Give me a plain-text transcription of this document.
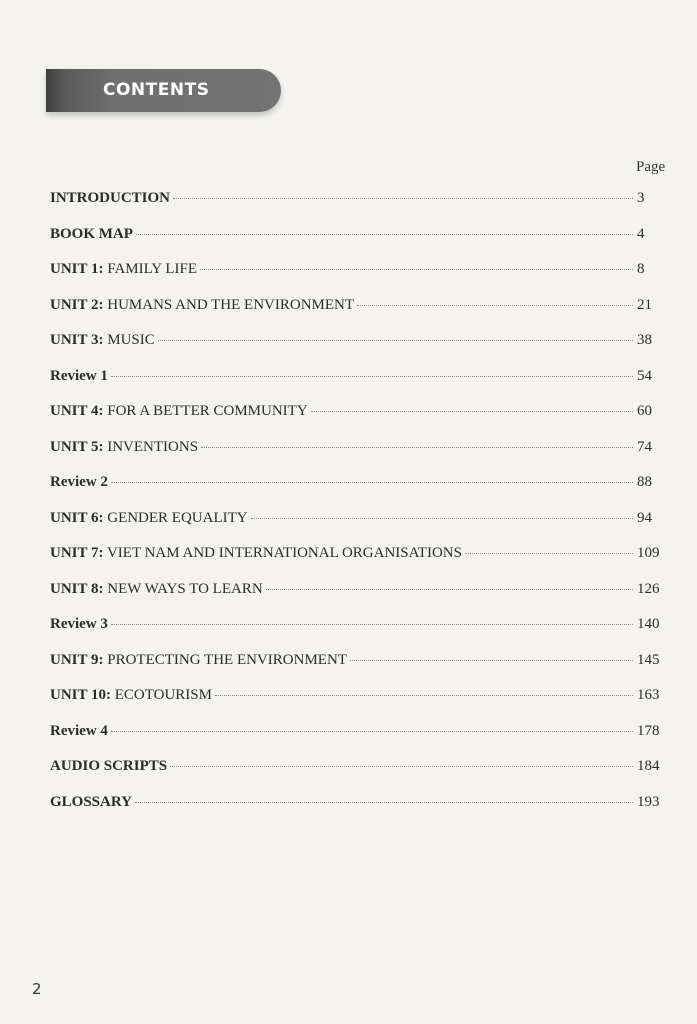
CONTENTS
Page
INTRODUCTION	3
BOOK MAP	4
UNIT 1: FAMILY LIFE	8
UNIT 2: HUMANS AND THE ENVIRONMENT	21
UNIT 3: MUSIC	38
Review 1	54
UNIT 4: FOR A BETTER COMMUNITY	60
UNIT 5: INVENTIONS	74
Review 2	88
UNIT 6: GENDER EQUALITY	94
UNIT 7: VIET NAM AND INTERNATIONAL ORGANISATIONS	109
UNIT 8: NEW WAYS TO LEARN	126
Review 3	140
UNIT 9: PROTECTING THE ENVIRONMENT	145
UNIT 10: ECOTOURISM	163
Review 4	178
AUDIO SCRIPTS	184
GLOSSARY	193
2
